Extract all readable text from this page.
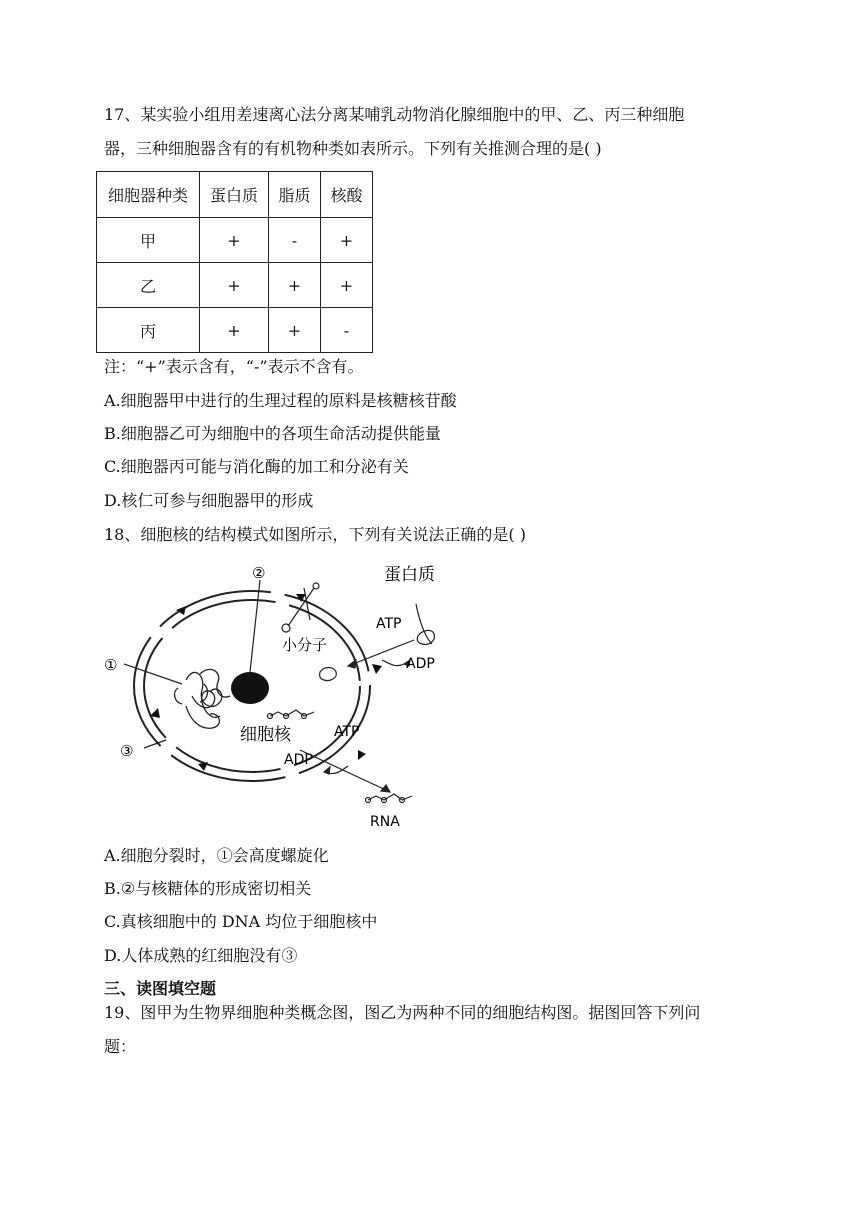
17、某实验小组用差速离心法分离某哺乳动物消化腺细胞中的甲、乙、丙三种细胞
器，三种细胞器含有的有机物种类如表所示。下列有关推测合理的是( )
细胞器种类	蛋白质	脂质	核酸
甲	+	-	+
乙	+	+	+
丙	+	+	-
注：“+”表示含有，“-”表示不含有。
A.细胞器甲中进行的生理过程的原料是核糖核苷酸
B.细胞器乙可为细胞中的各项生命活动提供能量
C.细胞器丙可能与消化酶的加工和分泌有关
D.核仁可参与细胞器甲的形成
18、细胞核的结构模式如图所示，下列有关说法正确的是( )
①
②
③
蛋白质
ATP
ADP
小分子
细胞核	ATP
ADP
RNA
A.细胞分裂时，①会高度螺旋化
B.②与核糖体的形成密切相关
C.真核细胞中的 DNA 均位于细胞核中
D.人体成熟的红细胞没有③
三、读图填空题
19、图甲为生物界细胞种类概念图，图乙为两种不同的细胞结构图。据图回答下列问
题：
